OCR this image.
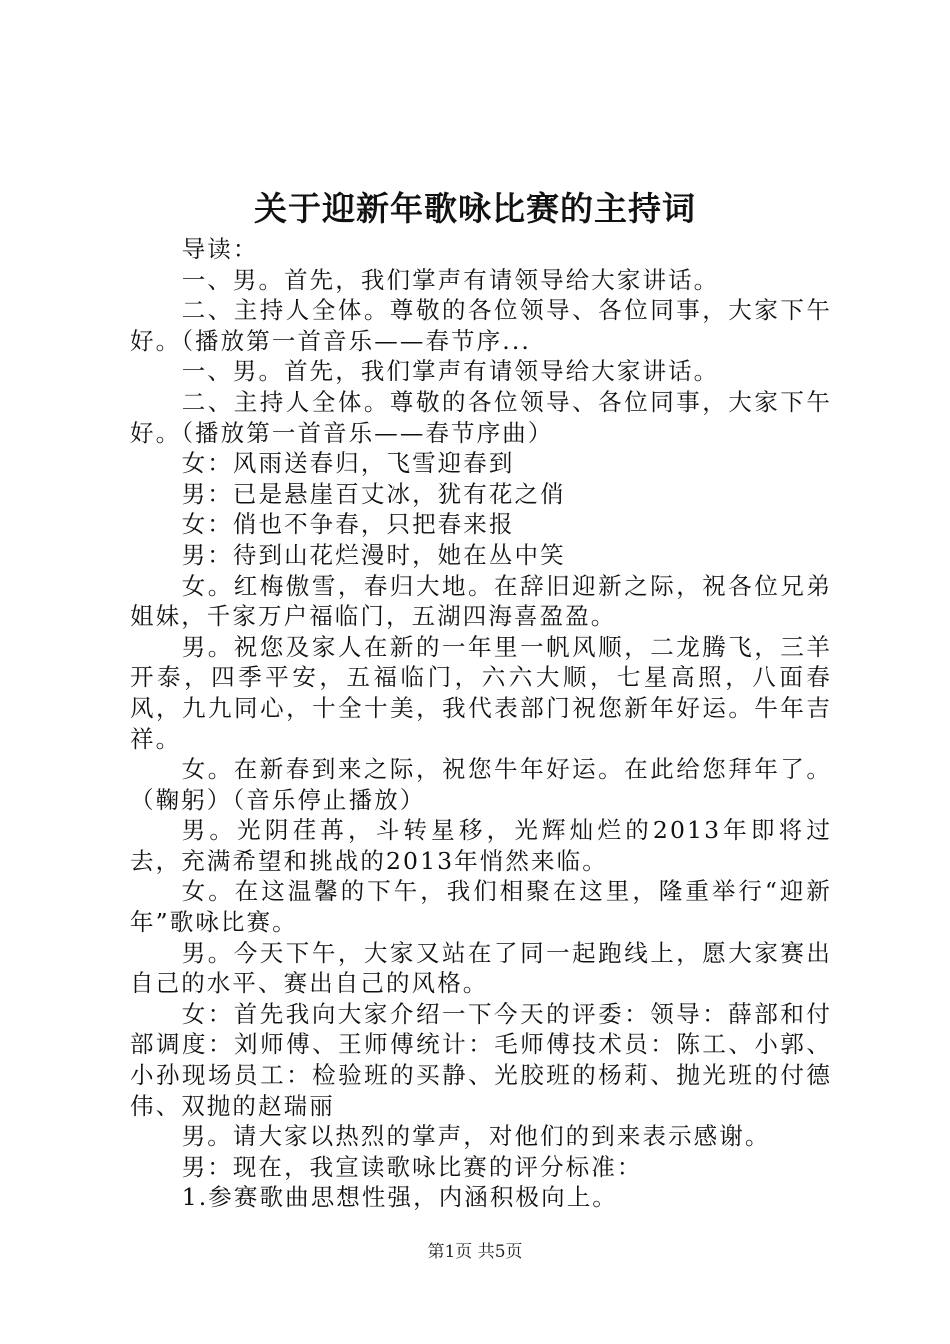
关于迎新年歌咏比赛的主持词

导读：

一、男。首先，我们掌声有请领导给大家讲话。

二、主持人全体。尊敬的各位领导、各位同事，大家下午好。（播放第一首音乐——春节序...

一、男。首先，我们掌声有请领导给大家讲话。

二、主持人全体。尊敬的各位领导、各位同事，大家下午好。（播放第一首音乐——春节序曲）

女：风雨送春归，飞雪迎春到

男：已是悬崖百丈冰，犹有花之俏

女：俏也不争春，只把春来报

男：待到山花烂漫时，她在丛中笑

女。红梅傲雪，春归大地。在辞旧迎新之际，祝各位兄弟姐妹，千家万户福临门，五湖四海喜盈盈。

男。祝您及家人在新的一年里一帆风顺，二龙腾飞，三羊开泰，四季平安，五福临门，六六大顺，七星高照，八面春风，九九同心，十全十美，我代表部门祝您新年好运。牛年吉祥。

女。在新春到来之际，祝您牛年好运。在此给您拜年了。（鞠躬）（音乐停止播放）

男。光阴荏苒，斗转星移，光辉灿烂的2013年即将过去，充满希望和挑战的2013年悄然来临。

女。在这温馨的下午，我们相聚在这里，隆重举行“迎新年”歌咏比赛。

男。今天下午，大家又站在了同一起跑线上，愿大家赛出自己的水平、赛出自己的风格。

女：首先我向大家介绍一下今天的评委：领导：薛部和付部调度：刘师傅、王师傅统计：毛师傅技术员：陈工、小郭、小孙现场员工：检验班的买静、光胶班的杨莉、抛光班的付德伟、双抛的赵瑞丽

男。请大家以热烈的掌声，对他们的到来表示感谢。

男：现在，我宣读歌咏比赛的评分标准：

1.参赛歌曲思想性强，内涵积极向上。

第1页 共5页
